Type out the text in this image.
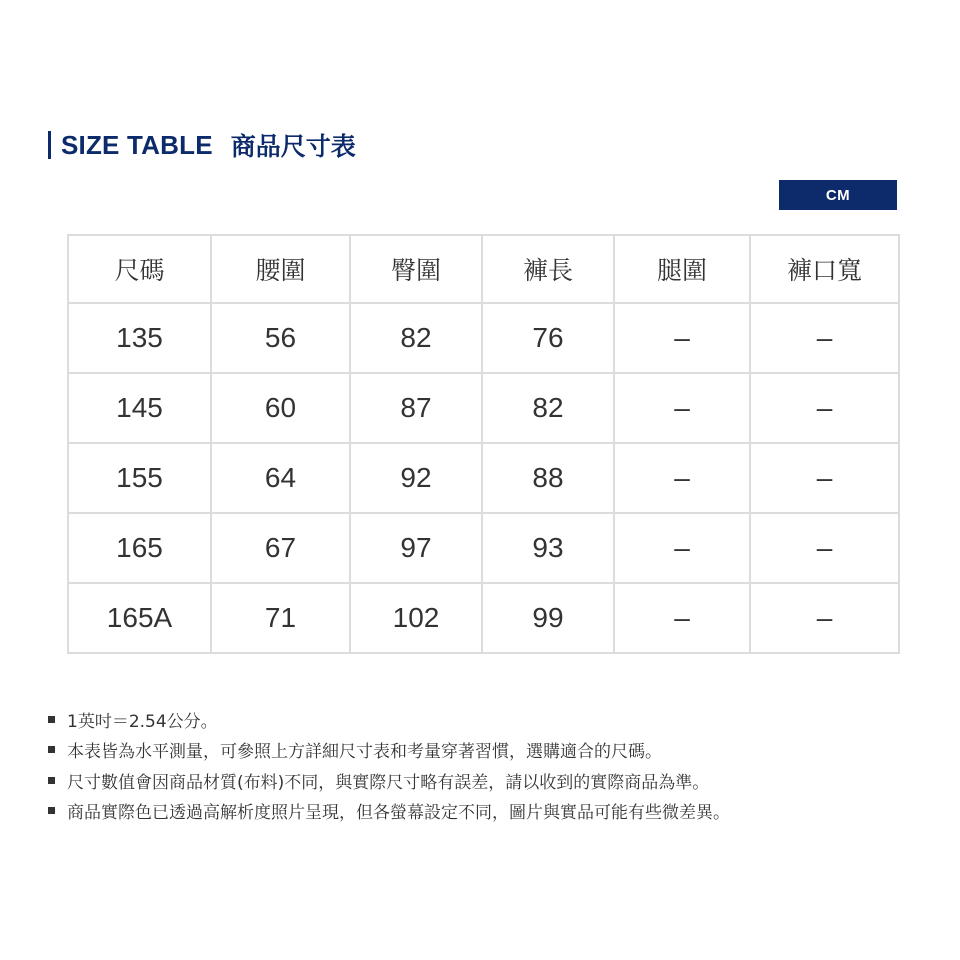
SIZE TABLE 商品尺寸表
CM
尺碼	腰圍	臀圍	褲長	腿圍	褲口寬
135	56	82	76	–	–
145	60	87	82	–	–
155	64	92	88	–	–
165	67	97	93	–	–
165A	71	102	99	–	–
1英吋＝2.54公分。
本表皆為水平測量，可參照上方詳細尺寸表和考量穿著習慣，選購適合的尺碼。
尺寸數值會因商品材質(布料)不同，與實際尺寸略有誤差，請以收到的實際商品為準。
商品實際色已透過高解析度照片呈現，但各螢幕設定不同，圖片與實品可能有些微差異。
